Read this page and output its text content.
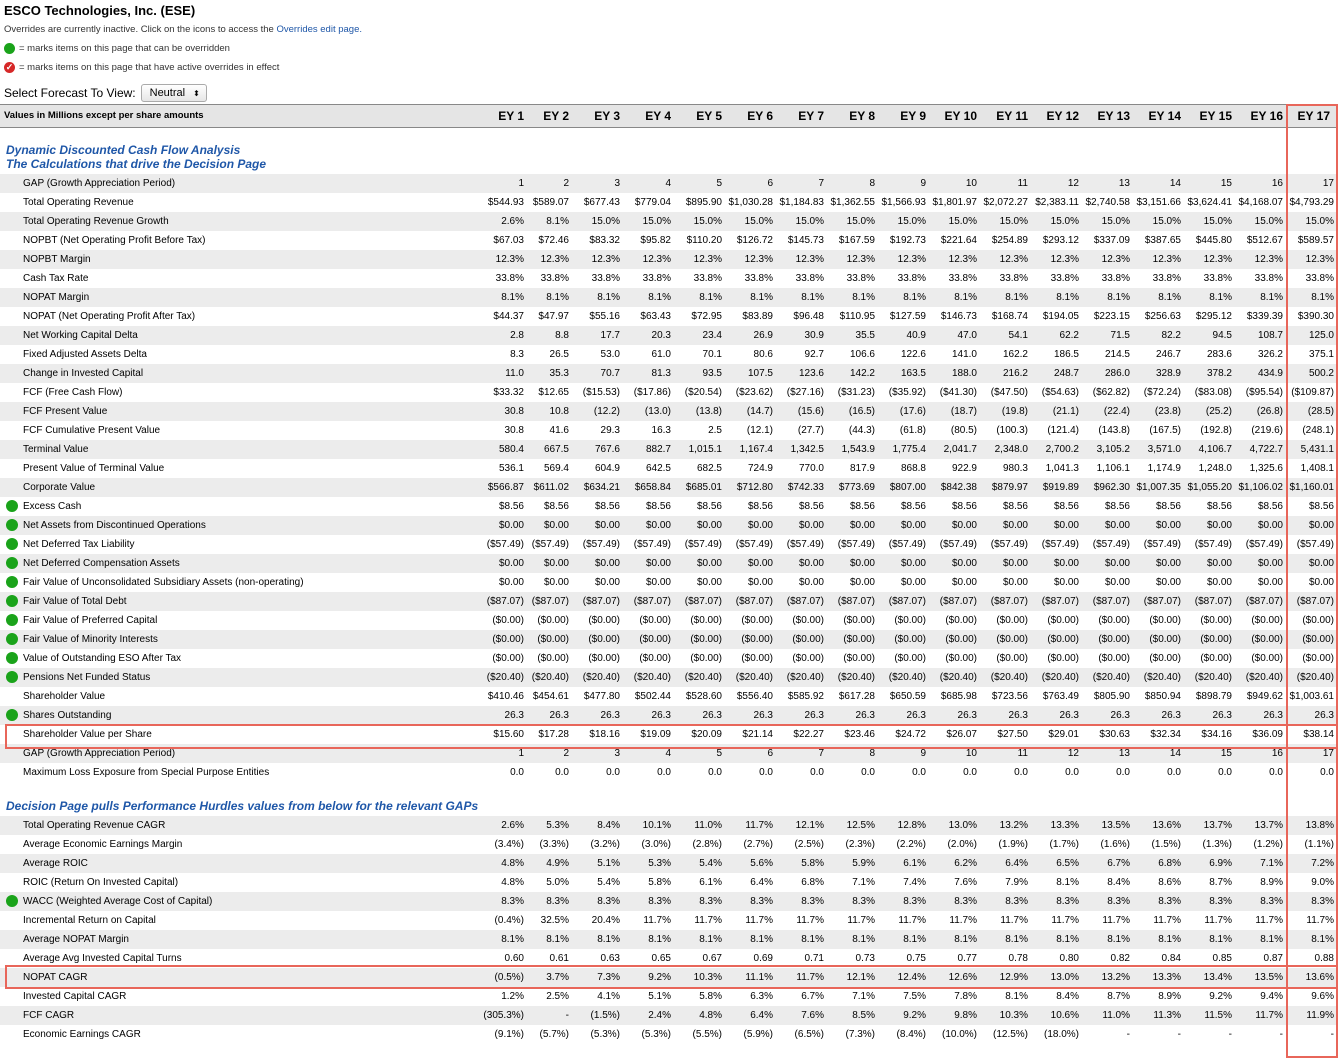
ESCO Technologies, Inc. (ESE)
Overrides are currently inactive. Click on the icons to access the Overrides edit page.
= marks items on this page that can be overridden
✓ = marks items on this page that have active overrides in effect
Select Forecast To View:	Neutral ⬍
Values in Millions except per share amounts	EY 1	EY 2	EY 3	EY 4	EY 5	EY 6	EY 7	EY 8	EY 9	EY 10	EY 11	EY 12	EY 13	EY 14	EY 15	EY 16	EY 17
Dynamic Discounted Cash Flow Analysis
The Calculations that drive the Decision Page
GAP (Growth Appreciation Period)	1	2	3	4	5	6	7	8	9	10	11	12	13	14	15	16	17
Total Operating Revenue	$544.93 $589.07	$677.43	$779.04	$895.90 $1,030.28 $1,184.83 $1,362.55 $1,566.93 $1,801.97 $2,072.27 $2,383.11 $2,740.58 $3,151.66 $3,624.41 $4,168.07 $4,793.29
Total Operating Revenue Growth	2.6%	8.1%	15.0%	15.0%	15.0%	15.0%	15.0%	15.0%	15.0%	15.0%	15.0%	15.0%	15.0%	15.0%	15.0%	15.0%	15.0%
NOPBT (Net Operating Profit Before Tax)	$67.03	$72.46	$83.32	$95.82	$110.20	$126.72	$145.73	$167.59	$192.73	$221.64	$254.89	$293.12	$337.09	$387.65	$445.80	$512.67	$589.57
NOPBT Margin	12.3%	12.3%	12.3%	12.3%	12.3%	12.3%	12.3%	12.3%	12.3%	12.3%	12.3%	12.3%	12.3%	12.3%	12.3%	12.3%	12.3%
Cash Tax Rate	33.8%	33.8%	33.8%	33.8%	33.8%	33.8%	33.8%	33.8%	33.8%	33.8%	33.8%	33.8%	33.8%	33.8%	33.8%	33.8%	33.8%
NOPAT Margin	8.1%	8.1%	8.1%	8.1%	8.1%	8.1%	8.1%	8.1%	8.1%	8.1%	8.1%	8.1%	8.1%	8.1%	8.1%	8.1%	8.1%
NOPAT (Net Operating Profit After Tax)	$44.37	$47.97	$55.16	$63.43	$72.95	$83.89	$96.48	$110.95	$127.59	$146.73	$168.74	$194.05	$223.15	$256.63	$295.12	$339.39	$390.30
Net Working Capital Delta	2.8	8.8	17.7	20.3	23.4	26.9	30.9	35.5	40.9	47.0	54.1	62.2	71.5	82.2	94.5	108.7	125.0
Fixed Adjusted Assets Delta	8.3	26.5	53.0	61.0	70.1	80.6	92.7	106.6	122.6	141.0	162.2	186.5	214.5	246.7	283.6	326.2	375.1
Change in Invested Capital	11.0	35.3	70.7	81.3	93.5	107.5	123.6	142.2	163.5	188.0	216.2	248.7	286.0	328.9	378.2	434.9	500.2
FCF (Free Cash Flow)	$33.32	$12.65	($15.53)	($17.86)	($20.54)	($23.62)	($27.16)	($31.23)	($35.92)	($41.30)	($47.50)	($54.63)	($62.82)	($72.24)	($83.08)	($95.54) ($109.87)
FCF Present Value	30.8	10.8	(12.2)	(13.0)	(13.8)	(14.7)	(15.6)	(16.5)	(17.6)	(18.7)	(19.8)	(21.1)	(22.4)	(23.8)	(25.2)	(26.8)	(28.5)
FCF Cumulative Present Value	30.8	41.6	29.3	16.3	2.5	(12.1)	(27.7)	(44.3)	(61.8)	(80.5)	(100.3)	(121.4)	(143.8)	(167.5)	(192.8)	(219.6)	(248.1)
Terminal Value	580.4	667.5	767.6	882.7	1,015.1	1,167.4	1,342.5	1,543.9	1,775.4	2,041.7	2,348.0	2,700.2	3,105.2	3,571.0	4,106.7	4,722.7	5,431.1
Present Value of Terminal Value	536.1	569.4	604.9	642.5	682.5	724.9	770.0	817.9	868.8	922.9	980.3	1,041.3	1,106.1	1,174.9	1,248.0	1,325.6	1,408.1
Corporate Value	$566.87 $611.02	$634.21	$658.84	$685.01	$712.80	$742.33	$773.69	$807.00	$842.38	$879.97	$919.89	$962.30 $1,007.35 $1,055.20 $1,106.02 $1,160.01
Excess Cash	$8.56	$8.56	$8.56	$8.56	$8.56	$8.56	$8.56	$8.56	$8.56	$8.56	$8.56	$8.56	$8.56	$8.56	$8.56	$8.56	$8.56
Net Assets from Discontinued Operations	$0.00	$0.00	$0.00	$0.00	$0.00	$0.00	$0.00	$0.00	$0.00	$0.00	$0.00	$0.00	$0.00	$0.00	$0.00	$0.00	$0.00
Net Deferred Tax Liability	($57.49) ($57.49)	($57.49)	($57.49)	($57.49)	($57.49)	($57.49)	($57.49)	($57.49)	($57.49)	($57.49)	($57.49)	($57.49)	($57.49)	($57.49)	($57.49)	($57.49)
Net Deferred Compensation Assets	$0.00	$0.00	$0.00	$0.00	$0.00	$0.00	$0.00	$0.00	$0.00	$0.00	$0.00	$0.00	$0.00	$0.00	$0.00	$0.00	$0.00
Fair Value of Unconsolidated Subsidiary Assets (non-operating)	$0.00	$0.00	$0.00	$0.00	$0.00	$0.00	$0.00	$0.00	$0.00	$0.00	$0.00	$0.00	$0.00	$0.00	$0.00	$0.00	$0.00
Fair Value of Total Debt	($87.07) ($87.07)	($87.07)	($87.07)	($87.07)	($87.07)	($87.07)	($87.07)	($87.07)	($87.07)	($87.07)	($87.07)	($87.07)	($87.07)	($87.07)	($87.07)	($87.07)
Fair Value of Preferred Capital	($0.00)	($0.00)	($0.00)	($0.00)	($0.00)	($0.00)	($0.00)	($0.00)	($0.00)	($0.00)	($0.00)	($0.00)	($0.00)	($0.00)	($0.00)	($0.00)	($0.00)
Fair Value of Minority Interests	($0.00)	($0.00)	($0.00)	($0.00)	($0.00)	($0.00)	($0.00)	($0.00)	($0.00)	($0.00)	($0.00)	($0.00)	($0.00)	($0.00)	($0.00)	($0.00)	($0.00)
Value of Outstanding ESO After Tax	($0.00)	($0.00)	($0.00)	($0.00)	($0.00)	($0.00)	($0.00)	($0.00)	($0.00)	($0.00)	($0.00)	($0.00)	($0.00)	($0.00)	($0.00)	($0.00)	($0.00)
Pensions Net Funded Status	($20.40) ($20.40)	($20.40)	($20.40)	($20.40)	($20.40)	($20.40)	($20.40)	($20.40)	($20.40)	($20.40)	($20.40)	($20.40)	($20.40)	($20.40)	($20.40)	($20.40)
Shareholder Value	$410.46 $454.61	$477.80	$502.44	$528.60	$556.40	$585.92	$617.28	$650.59	$685.98	$723.56	$763.49	$805.90	$850.94	$898.79	$949.62 $1,003.61
Shares Outstanding	26.3	26.3	26.3	26.3	26.3	26.3	26.3	26.3	26.3	26.3	26.3	26.3	26.3	26.3	26.3	26.3	26.3
Shareholder Value per Share	$15.60	$17.28	$18.16	$19.09	$20.09	$21.14	$22.27	$23.46	$24.72	$26.07	$27.50	$29.01	$30.63	$32.34	$34.16	$36.09	$38.14
GAP (Growth Appreciation Period)	1	2	3	4	5	6	7	8	9	10	11	12	13	14	15	16	17
Maximum Loss Exposure from Special Purpose Entities	0.0	0.0	0.0	0.0	0.0	0.0	0.0	0.0	0.0	0.0	0.0	0.0	0.0	0.0	0.0	0.0	0.0
Decision Page pulls Performance Hurdles values from below for the relevant GAPs
Total Operating Revenue CAGR	2.6%	5.3%	8.4%	10.1%	11.0%	11.7%	12.1%	12.5%	12.8%	13.0%	13.2%	13.3%	13.5%	13.6%	13.7%	13.7%	13.8%
Average Economic Earnings Margin	(3.4%)	(3.3%)	(3.2%)	(3.0%)	(2.8%)	(2.7%)	(2.5%)	(2.3%)	(2.2%)	(2.0%)	(1.9%)	(1.7%)	(1.6%)	(1.5%)	(1.3%)	(1.2%)	(1.1%)
Average ROIC	4.8%	4.9%	5.1%	5.3%	5.4%	5.6%	5.8%	5.9%	6.1%	6.2%	6.4%	6.5%	6.7%	6.8%	6.9%	7.1%	7.2%
ROIC (Return On Invested Capital)	4.8%	5.0%	5.4%	5.8%	6.1%	6.4%	6.8%	7.1%	7.4%	7.6%	7.9%	8.1%	8.4%	8.6%	8.7%	8.9%	9.0%
WACC (Weighted Average Cost of Capital)	8.3%	8.3%	8.3%	8.3%	8.3%	8.3%	8.3%	8.3%	8.3%	8.3%	8.3%	8.3%	8.3%	8.3%	8.3%	8.3%	8.3%
Incremental Return on Capital	(0.4%)	32.5%	20.4%	11.7%	11.7%	11.7%	11.7%	11.7%	11.7%	11.7%	11.7%	11.7%	11.7%	11.7%	11.7%	11.7%	11.7%
Average NOPAT Margin	8.1%	8.1%	8.1%	8.1%	8.1%	8.1%	8.1%	8.1%	8.1%	8.1%	8.1%	8.1%	8.1%	8.1%	8.1%	8.1%	8.1%
Average Avg Invested Capital Turns	0.60	0.61	0.63	0.65	0.67	0.69	0.71	0.73	0.75	0.77	0.78	0.80	0.82	0.84	0.85	0.87	0.88
NOPAT CAGR	(0.5%)	3.7%	7.3%	9.2%	10.3%	11.1%	11.7%	12.1%	12.4%	12.6%	12.9%	13.0%	13.2%	13.3%	13.4%	13.5%	13.6%
Invested Capital CAGR	1.2%	2.5%	4.1%	5.1%	5.8%	6.3%	6.7%	7.1%	7.5%	7.8%	8.1%	8.4%	8.7%	8.9%	9.2%	9.4%	9.6%
FCF CAGR	(305.3%)	-	(1.5%)	2.4%	4.8%	6.4%	7.6%	8.5%	9.2%	9.8%	10.3%	10.6%	11.0%	11.3%	11.5%	11.7%	11.9%
Economic Earnings CAGR	(9.1%)	(5.7%)	(5.3%)	(5.3%)	(5.5%)	(5.9%)	(6.5%)	(7.3%)	(8.4%)	(10.0%)	(12.5%)	(18.0%)	-	-	-	-	-
